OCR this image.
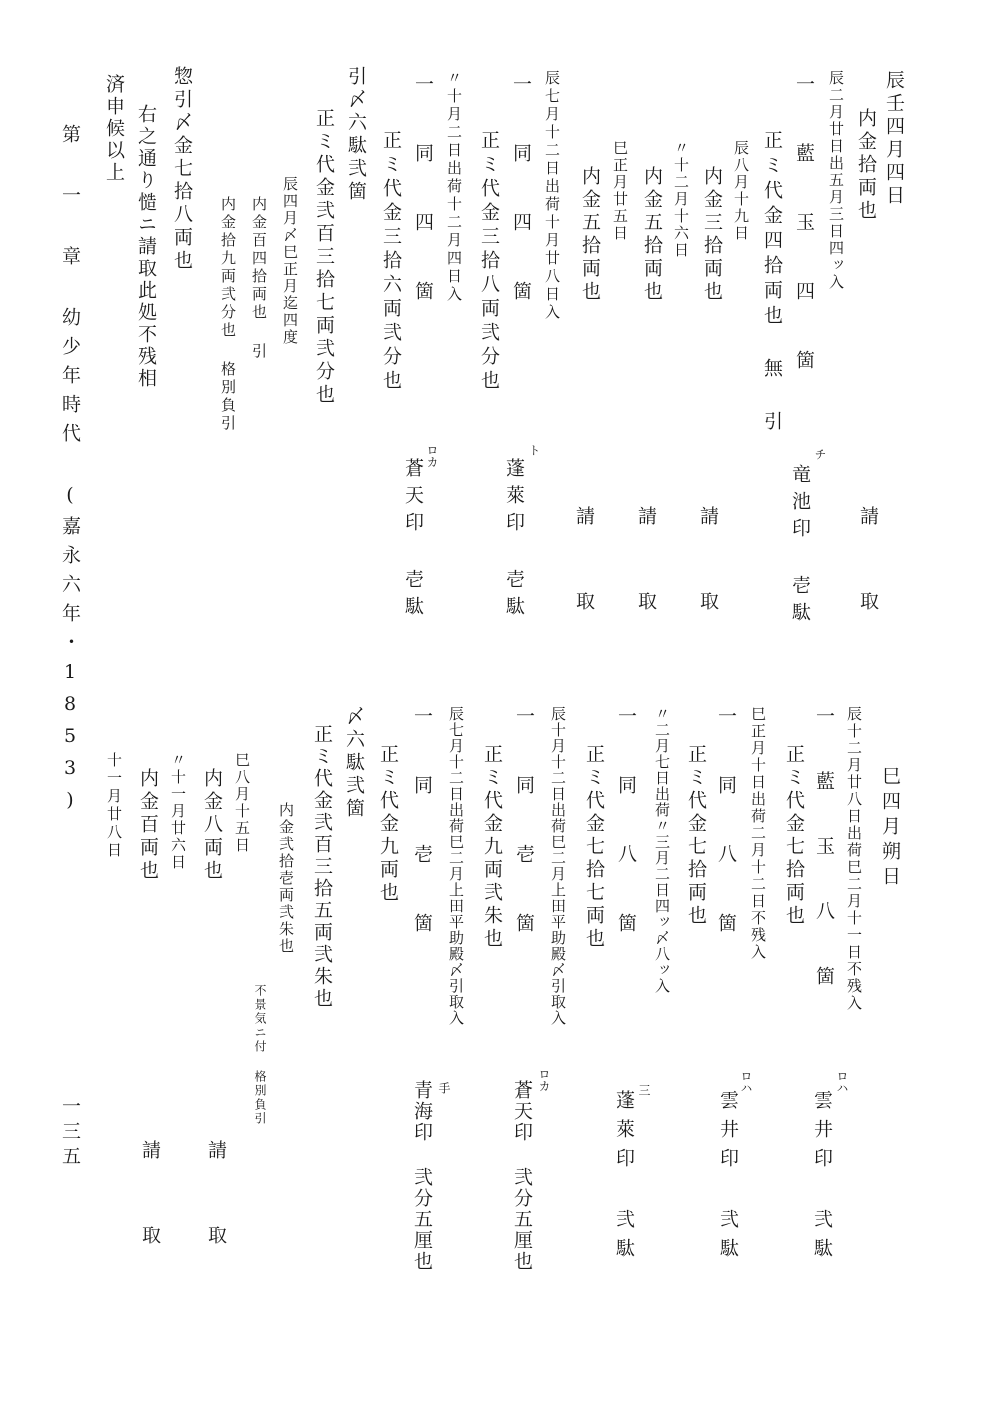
辰壬四月四日
内金拾両也
辰二月廿日出五月三日四ッ入
一 藍 玉 四 箇
正ミ代金四拾両也 無 引
辰八月十九日
内金三拾両也
〃十二月十六日
内金五拾両也
巳正月廿五日
内金五拾両也
辰七月十二日出荷十月廿八日入
一 同 四 箇
正ミ代金三拾八両弐分也
〃十月二日出荷十二月四日入
一 同 四 箇
正ミ代金三拾六両弐分也
引〆六駄弐箇
正ミ代金弐百三拾七両弐分也
辰四月〆巳正月迄四度
内金百四拾両也 引
内金拾九両弐分也 格別負引
惣引〆金七拾八両也
右之通り慥ニ請取此処不残相
済申候以上
請 取
竜池印 壱駄
請 取
請 取
請 取
蓬萊印 壱駄
蒼天印 壱駄
チ
ト
ロカ
第 一 章 幼少年時代 (嘉永六年・1853)
巳四月朔日
辰十二月廿八日出荷巳二月十一日不残入
一 藍 玉 八 箇
正ミ代金七拾両也
巳正月十日出荷二月十二日不残入
一 同 八 箇
正ミ代金七拾両也
〃二月七日出荷〃三月二日四ッ〆八ッ入
一 同 八 箇
正ミ代金七拾七両也
辰十月十二日出荷巳二月上田平助殿〆引取入
一 同 壱 箇
正ミ代金九両弐朱也
辰七月十二日出荷巳二月上田平助殿〆引取入
一 同 壱 箇
正ミ代金九両也
〆六駄弐箇
正ミ代金弐百三拾五両弐朱也
内金弐拾壱両弐朱也
不景気ニ付 格別負引
巳八月十五日
内金八両也
〃十一月廿六日
内金百両也
十一月廿八日
雲井印 弐駄
雲井印 弐駄
蓬萊印 弐駄
蒼天印 弐分五厘也
青海印 弐分五厘也
請 取
請 取
ロハ
ロハ
三
ロカ
手
一三五
